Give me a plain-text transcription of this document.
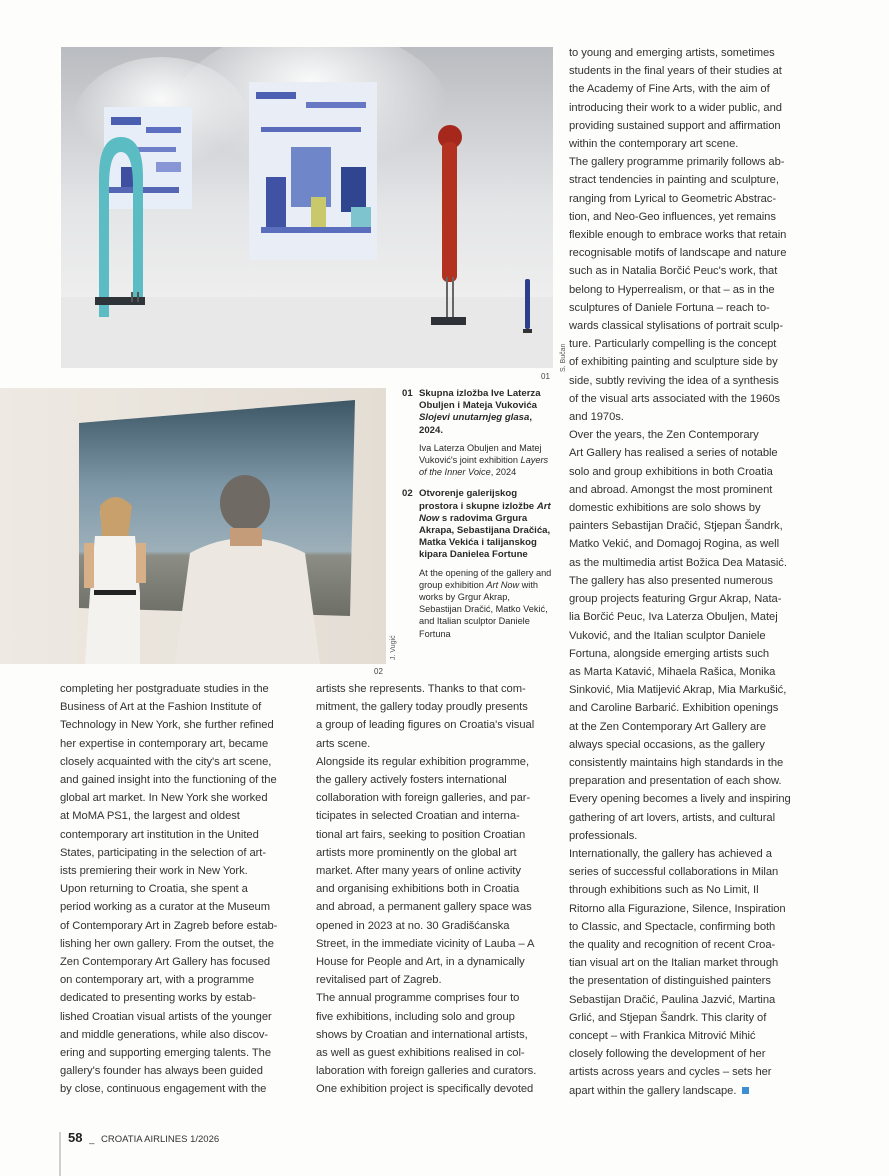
S. Bučan
01
J. Vugić
02
01 Skupna izložba Ive Laterza Obuljen i Mateja Vukovića Slojevi unutarnjeg glasa, 2024.
Iva Laterza Obuljen and Matej Vuković's joint exhibition Layers of the Inner Voice, 2024
02 Otvorenje galerijskog prostora i skupne izložbe Art Now s radovima Grgura Akrapa, Sebastijana Dračića, Matka Vekića i talijanskog kipara Danielea Fortune
At the opening of the gallery and group exhibition Art Now with works by Grgur Akrap, Sebastijan Dračić, Matko Vekić, and Italian sculptor Daniele Fortuna
completing her postgraduate studies in the
Business of Art at the Fashion Institute of
Technology in New York, she further refined
her expertise in contemporary art, became
closely acquainted with the city's art scene,
and gained insight into the functioning of the
global art market. In New York she worked
at MoMA PS1, the largest and oldest
contemporary art institution in the United
States, participating in the selection of art-
ists premiering their work in New York.
Upon returning to Croatia, she spent a
period working as a curator at the Museum
of Contemporary Art in Zagreb before estab-
lishing her own gallery. From the outset, the
Zen Contemporary Art Gallery has focused
on contemporary art, with a programme
dedicated to presenting works by estab-
lished Croatian visual artists of the younger
and middle generations, while also discov-
ering and supporting emerging talents. The
gallery's founder has always been guided
by close, continuous engagement with the
artists she represents. Thanks to that com-
mitment, the gallery today proudly presents
a group of leading figures on Croatia's visual
arts scene.
Alongside its regular exhibition programme,
the gallery actively fosters international
collaboration with foreign galleries, and par-
ticipates in selected Croatian and interna-
tional art fairs, seeking to position Croatian
artists more prominently on the global art
market. After many years of online activity
and organising exhibitions both in Croatia
and abroad, a permanent gallery space was
opened in 2023 at no. 30 Gradišćanska
Street, in the immediate vicinity of Lauba – A
House for People and Art, in a dynamically
revitalised part of Zagreb.
The annual programme comprises four to
five exhibitions, including solo and group
shows by Croatian and international artists,
as well as guest exhibitions realised in col-
laboration with foreign galleries and curators.
One exhibition project is specifically devoted
to young and emerging artists, sometimes
students in the final years of their studies at
the Academy of Fine Arts, with the aim of
introducing their work to a wider public, and
providing sustained support and affirmation
within the contemporary art scene.
The gallery programme primarily follows ab-
stract tendencies in painting and sculpture,
ranging from Lyrical to Geometric Abstrac-
tion, and Neo-Geo influences, yet remains
flexible enough to embrace works that retain
recognisable motifs of landscape and nature
such as in Natalia Borčić Peuc's work, that
belong to Hyperrealism, or that – as in the
sculptures of Daniele Fortuna – reach to-
wards classical stylisations of portrait sculp-
ture. Particularly compelling is the concept
of exhibiting painting and sculpture side by
side, subtly reviving the idea of a synthesis
of the visual arts associated with the 1960s
and 1970s.
Over the years, the Zen Contemporary
Art Gallery has realised a series of notable
solo and group exhibitions in both Croatia
and abroad. Amongst the most prominent
domestic exhibitions are solo shows by
painters Sebastijan Dračić, Stjepan Šandrk,
Matko Vekić, and Domagoj Rogina, as well
as the multimedia artist Božica Dea Matasić.
The gallery has also presented numerous
group projects featuring Grgur Akrap, Nata-
lia Borčić Peuc, Iva Laterza Obuljen, Matej
Vuković, and the Italian sculptor Daniele
Fortuna, alongside emerging artists such
as Marta Katavić, Mihaela Rašica, Monika
Sinković, Mia Matijević Akrap, Mia Markušić,
and Caroline Barbarić. Exhibition openings
at the Zen Contemporary Art Gallery are
always special occasions, as the gallery
consistently maintains high standards in the
preparation and presentation of each show.
Every opening becomes a lively and inspiring
gathering of art lovers, artists, and cultural
professionals.
Internationally, the gallery has achieved a
series of successful collaborations in Milan
through exhibitions such as No Limit, Il
Ritorno alla Figurazione, Silence, Inspiration
to Classic, and Spectacle, confirming both
the quality and recognition of recent Croa-
tian visual art on the Italian market through
the presentation of distinguished painters
Sebastijan Dračić, Paulina Jazvić, Martina
Grlić, and Stjepan Šandrk. This clarity of
concept – with Frankica Mitrović Mihić
closely following the development of her
artists across years and cycles – sets her
apart within the gallery landscape.
58 _ CROATIA AIRLINES 1/2026
